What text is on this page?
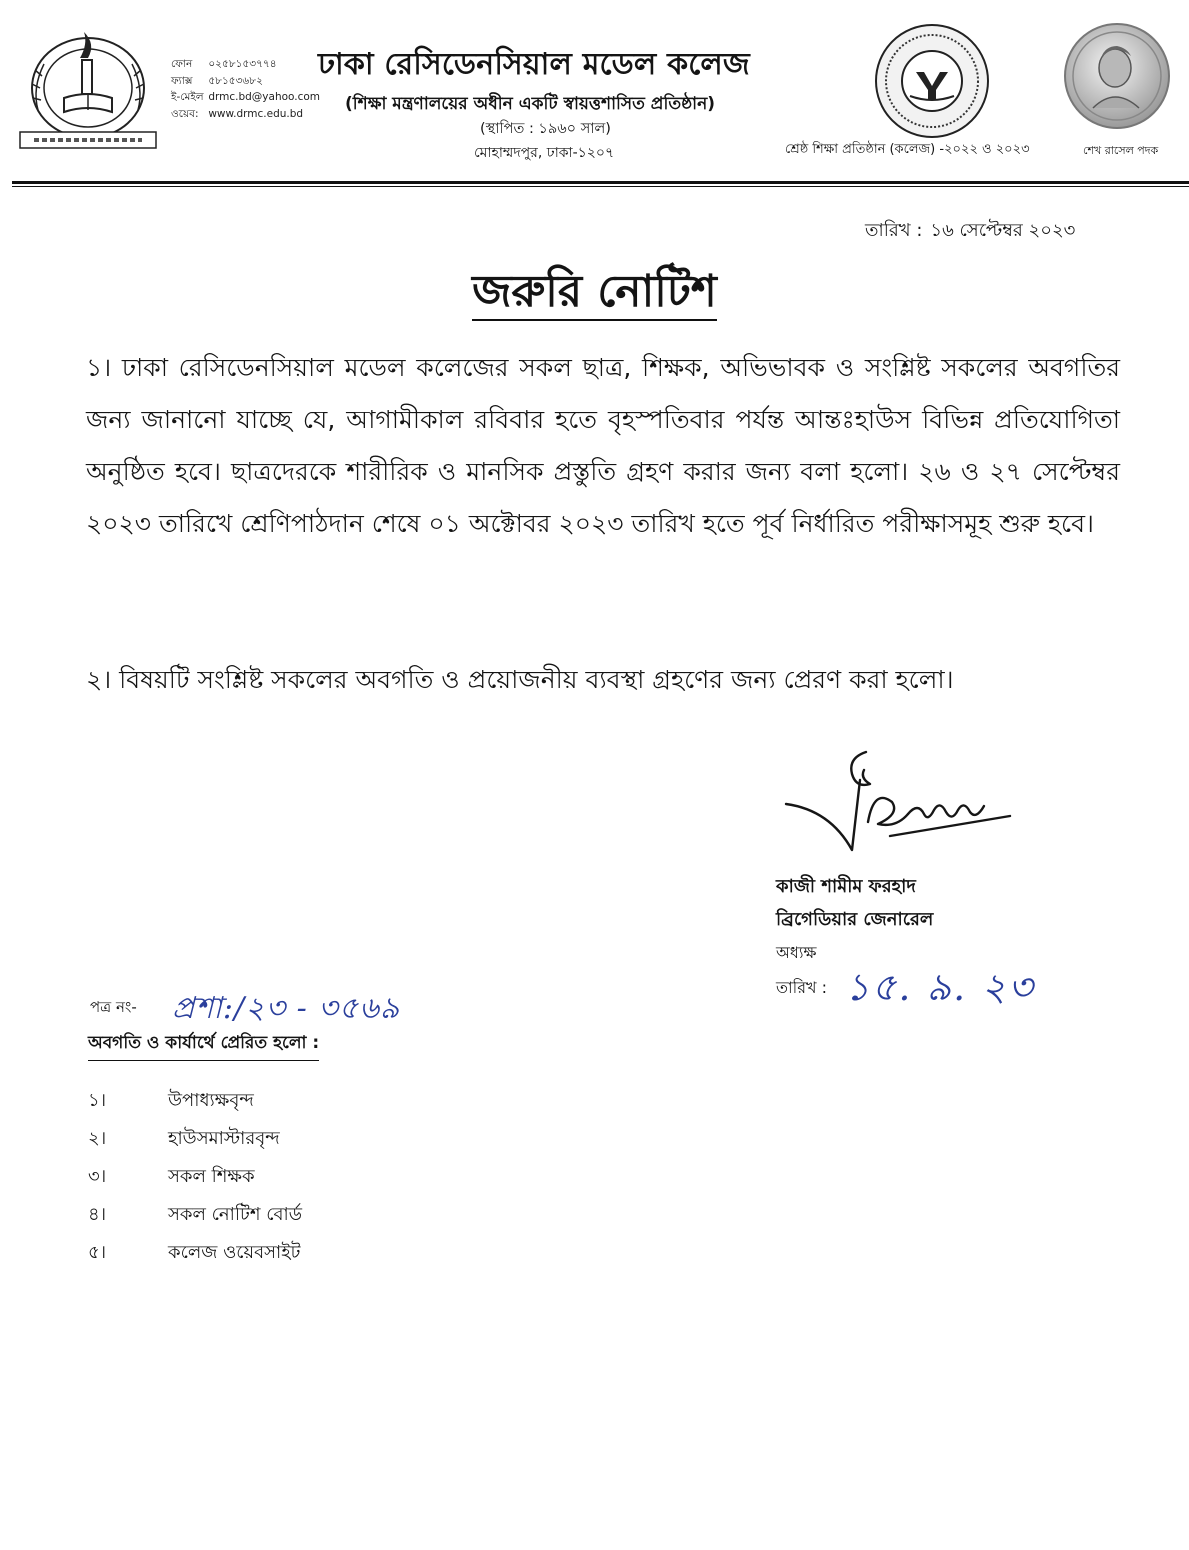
ফোন ০২৫৮১৫৩৭৭৪
ফ্যাক্স ৫৮১৫৩৬৮২
ই-মেইল drmc.bd@yahoo.com
ওয়েব: www.drmc.edu.bd
ঢাকা রেসিডেনসিয়াল মডেল কলেজ
(শিক্ষা মন্ত্রণালয়ের অধীন একটি স্বায়ত্তশাসিত প্রতিষ্ঠান)
(স্থাপিত : ১৯৬০ সাল)
মোহাম্মদপুর, ঢাকা-১২০৭	শ্রেষ্ঠ শিক্ষা প্রতিষ্ঠান (কলেজ) -২০২২ ও ২০২৩	শেখ রাসেল পদক
তারিখ : ১৬ সেপ্টেম্বর ২০২৩
জরুরি নোটিশ
১। ঢাকা রেসিডেনসিয়াল মডেল কলেজের সকল ছাত্র, শিক্ষক, অভিভাবক ও সংশ্লিষ্ট সকলের অবগতির জন্য জানানো যাচ্ছে যে, আগামীকাল রবিবার হতে বৃহস্পতিবার পর্যন্ত আন্তঃহাউস বিভিন্ন প্রতিযোগিতা অনুষ্ঠিত হবে। ছাত্রদেরকে শারীরিক ও মানসিক প্রস্তুতি গ্রহণ করার জন্য বলা হলো। ২৬ ও ২৭ সেপ্টেম্বর ২০২৩ তারিখে শ্রেণিপাঠদান শেষে ০১ অক্টোবর ২০২৩ তারিখ হতে পূর্ব নির্ধারিত পরীক্ষাসমূহ শুরু হবে।
২। বিষয়টি সংশ্লিষ্ট সকলের অবগতি ও প্রয়োজনীয় ব্যবস্থা গ্রহণের জন্য প্রেরণ করা হলো।
কাজী শামীম ফরহাদ
ব্রিগেডিয়ার জেনারেল
অধ্যক্ষ
তারিখ : ১৫. ৯. ২৩
পত্র নং- প্রশা:/২৩ - ৩৫৬৯
অবগতি ও কার্যার্থে প্রেরিত হলো :
১।	উপাধ্যক্ষবৃন্দ
২।	হাউসমাস্টারবৃন্দ
৩।	সকল শিক্ষক
৪।	সকল নোটিশ বোর্ড
৫।	কলেজ ওয়েবসাইট
